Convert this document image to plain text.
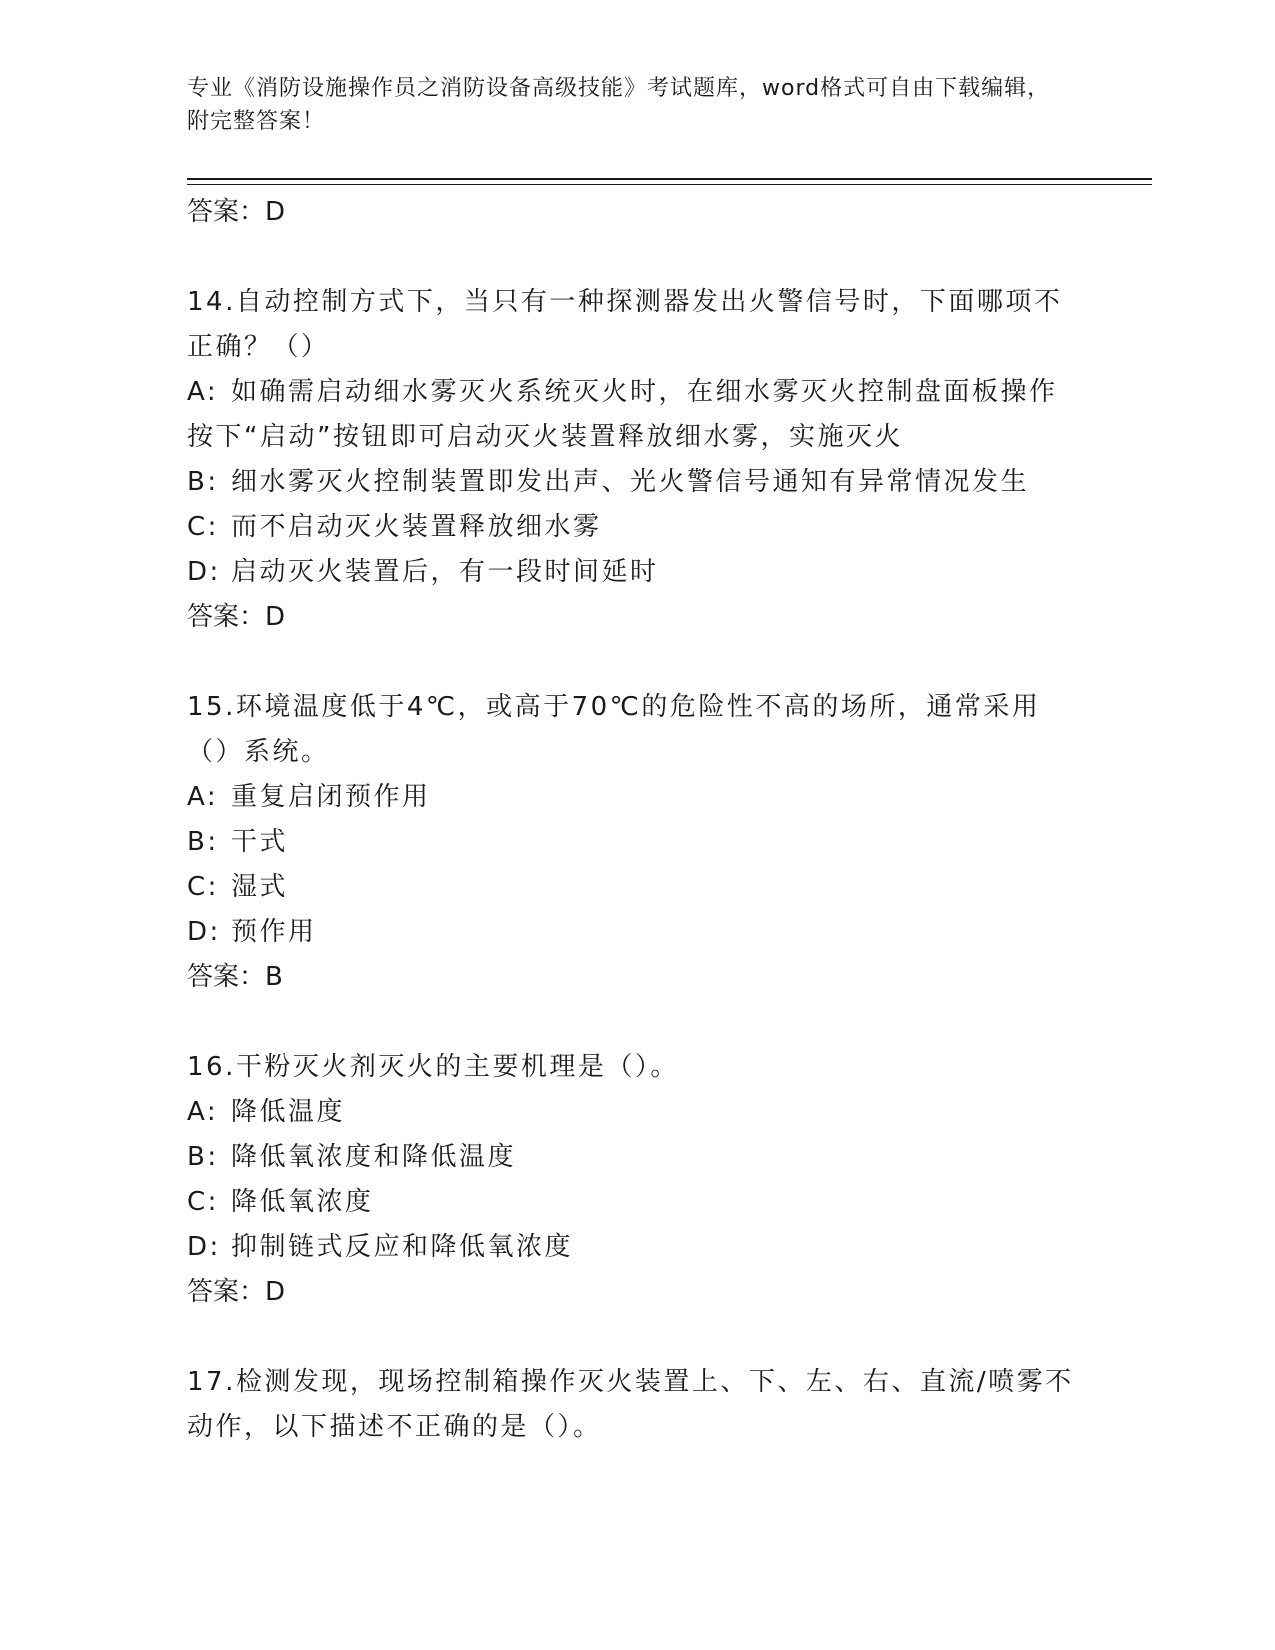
专业《消防设施操作员之消防设备高级技能》考试题库，word格式可自由下载编辑，附完整答案！
答案：D
14.自动控制方式下，当只有一种探测器发出火警信号时，下面哪项不正确？（）
A: 如确需启动细水雾灭火系统灭火时，在细水雾灭火控制盘面板操作按下“启动”按钮即可启动灭火装置释放细水雾，实施灭火
B: 细水雾灭火控制装置即发出声、光火警信号通知有异常情况发生
C: 而不启动灭火装置释放细水雾
D: 启动灭火装置后，有一段时间延时
答案：D
15.环境温度低于4℃，或高于70℃的危险性不高的场所，通常采用（）系统。
A: 重复启闭预作用
B: 干式
C: 湿式
D: 预作用
答案：B
16.干粉灭火剂灭火的主要机理是（）。
A: 降低温度
B: 降低氧浓度和降低温度
C: 降低氧浓度
D: 抑制链式反应和降低氧浓度
答案：D
17.检测发现，现场控制箱操作灭火装置上、下、左、右、直流/喷雾不动作，以下描述不正确的是（）。
